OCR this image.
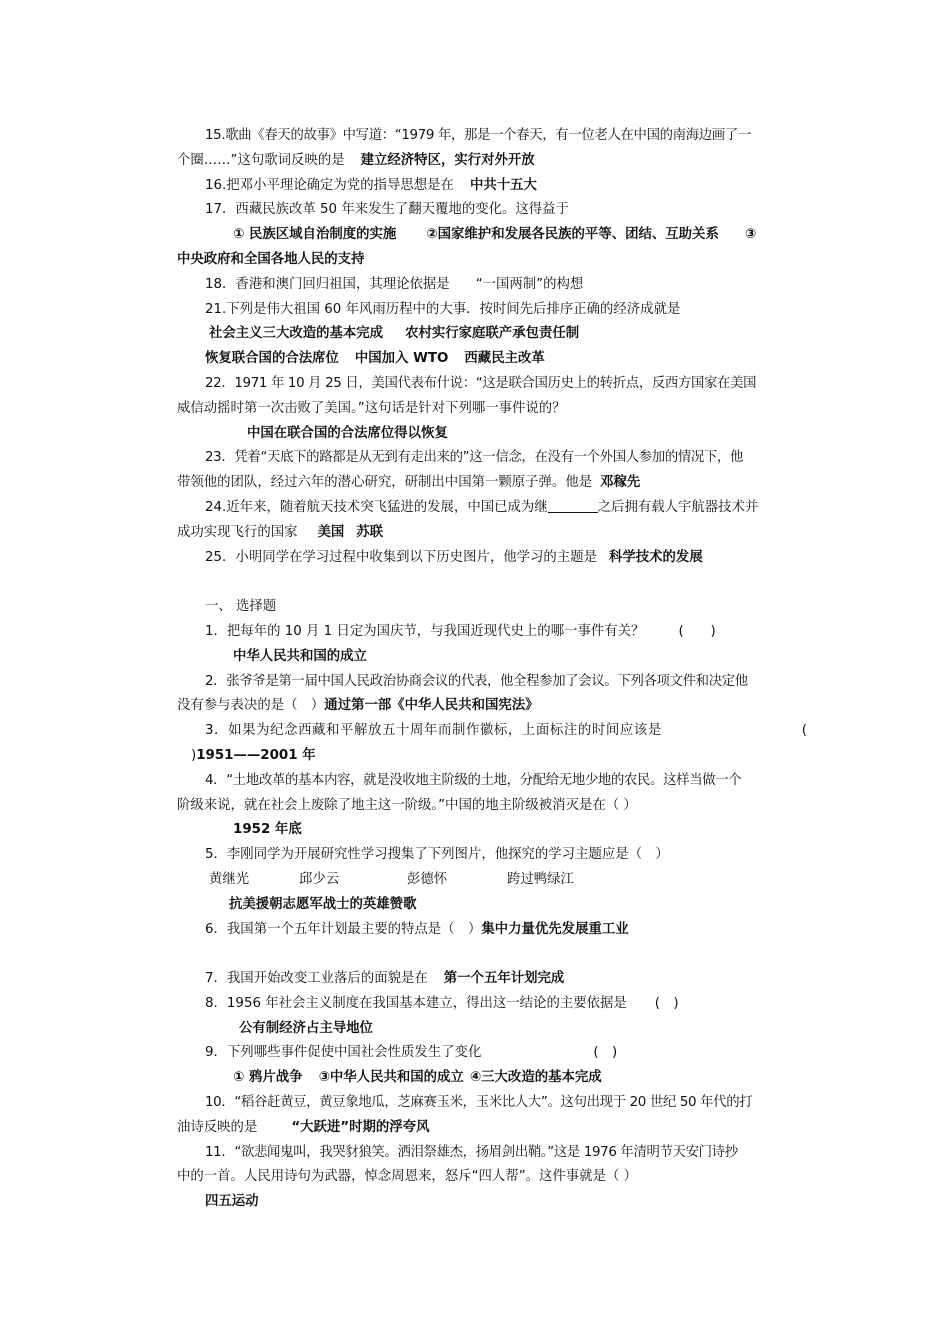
15.歌曲《春天的故事》中写道：“1979 年，那是一个春天，有一位老人在中国的南海边画了一
个圈……”这句歌词反映的是 建立经济特区，实行对外开放
16.把邓小平理论确定为党的指导思想是在 中共十五大
17．西藏民族改革 50 年来发生了翻天覆地的变化。这得益于
① 民族区域自治制度的实施 ②国家维护和发展各民族的平等、团结、互助关系 ③
中央政府和全国各地人民的支持
18．香港和澳门回归祖国，其理论依据是 “一国两制”的构想
21.下列是伟大祖国 60 年风雨历程中的大事．按时间先后排序正确的经济成就是
社会主义三大改造的基本完成 农村实行家庭联产承包责任制
恢复联合国的合法席位 中国加入 WTO 西藏民主改革
22．1971 年 10 月 25 日，美国代表布什说：“这是联合国历史上的转折点，反西方国家在美国
威信动摇时第一次击败了美国。”这句话是针对下列哪一事件说的？
中国在联合国的合法席位得以恢复
23．凭着“天底下的路都是从无到有走出来的”这一信念，在没有一个外国人参加的情况下，他
带领他的团队，经过六年的潜心研究，研制出中国第一颗原子弹。他是 邓稼先
24.近年来，随着航天技术突飞猛进的发展，中国已成为继	之后拥有载人宇航器技术并
成功实现飞行的国家 美国 苏联
25．小明同学在学习过程中收集到以下历史图片，他学习的主题是 科学技术的发展
一、 选择题
1．把每年的 10 月 1 日定为国庆节，与我国近现代史上的哪一事件有关？	(　　)
中华人民共和国的成立
2．张爷爷是第一届中国人民政治协商会议的代表，他全程参加了会议。下列各项文件和决定他
没有参与表决的是（　）通过第一部《中华人民共和国宪法》
3．如果为纪念西藏和平解放五十周年而制作徽标，上面标注的时间应该是	(
)1951——2001 年
4．“土地改革的基本内容，就是没收地主阶级的土地，分配给无地少地的农民。这样当做一个
阶级来说，就在社会上废除了地主这一阶级。”中国的地主阶级被消灭是在（ ）
1952 年底
5．李刚同学为开展研究性学习搜集了下列图片，他探究的学习主题应是（　）
黄继光	邱少云	彭德怀	跨过鸭绿江
抗美援朝志愿军战士的英雄赞歌
6．我国第一个五年计划最主要的特点是（　）集中力量优先发展重工业
7．我国开始改变工业落后的面貌是在 第一个五年计划完成
8．1956 年社会主义制度在我国基本建立，得出这一结论的主要依据是 (　)
公有制经济占主导地位
9．下列哪些事件促使中国社会性质发生了变化	(　)
① 鸦片战争 ③中华人民共和国的成立 ④三大改造的基本完成
10．“稻谷赶黄豆，黄豆象地瓜，芝麻赛玉米，玉米比人大”。这句出现于 20 世纪 50 年代的打
油诗反映的是	“大跃进”时期的浮夸风
11．“欲悲闻鬼叫，我哭豺狼笑。洒泪祭雄杰，扬眉剑出鞘。”这是 1976 年清明节天安门诗抄
中的一首。人民用诗句为武器，悼念周恩来，怒斥“四人帮”。这件事就是（ ）
四五运动
